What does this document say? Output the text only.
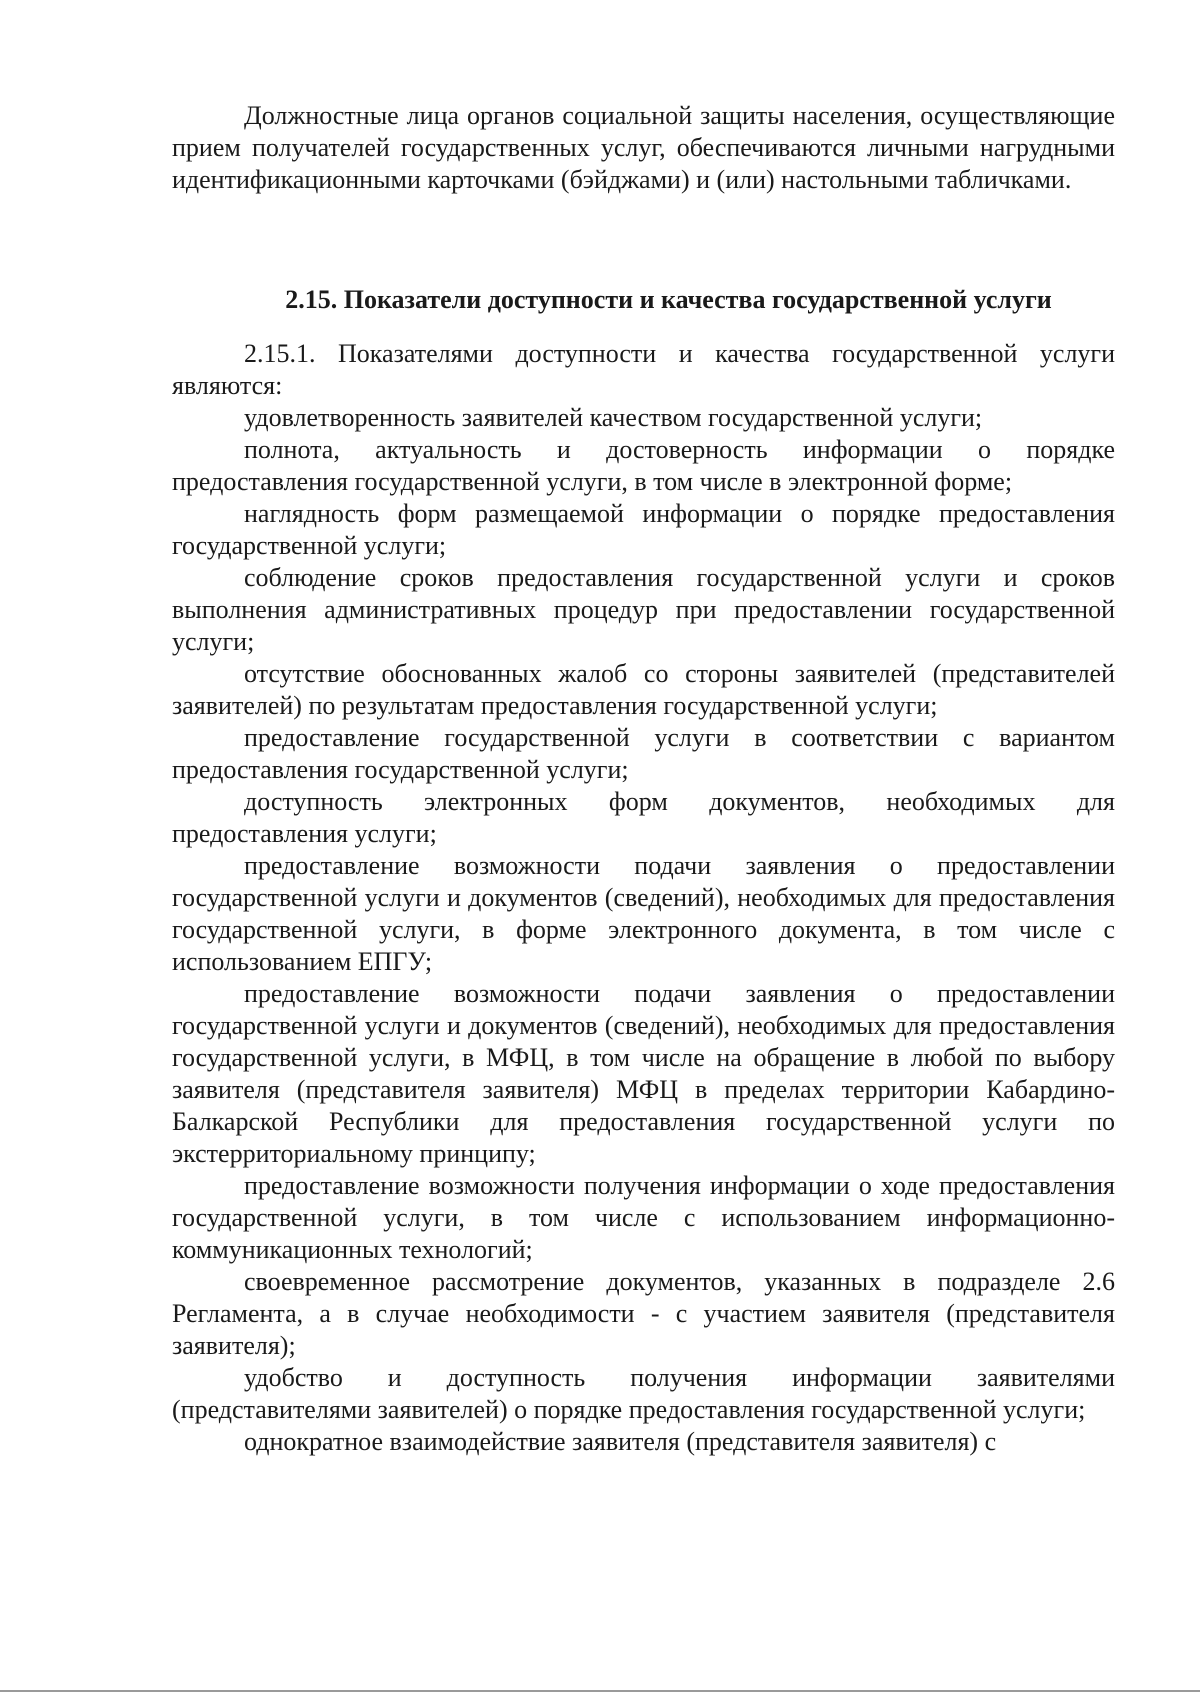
Должностные лица органов социальной защиты населения, осуществляющие прием получателей государственных услуг, обеспечиваются личными нагрудными идентификационными карточками (бэйджами) и (или) настольными табличками.

2.15. Показатели доступности и качества государственной услуги

2.15.1. Показателями доступности и качества государственной услуги являются:

удовлетворенность заявителей качеством государственной услуги;

полнота, актуальность и достоверность информации о порядке предоставления государственной услуги, в том числе в электронной форме;

наглядность форм размещаемой информации о порядке предоставления государственной услуги;

соблюдение сроков предоставления государственной услуги и сроков выполнения административных процедур при предоставлении государственной услуги;

отсутствие обоснованных жалоб со стороны заявителей (представителей заявителей) по результатам предоставления государственной услуги;

предоставление государственной услуги в соответствии с вариантом предоставления государственной услуги;

доступность электронных форм документов, необходимых для предоставления услуги;

предоставление возможности подачи заявления о предоставлении государственной услуги и документов (сведений), необходимых для предоставления государственной услуги, в форме электронного документа, в том числе с использованием ЕПГУ;

предоставление возможности подачи заявления о предоставлении государственной услуги и документов (сведений), необходимых для предоставления государственной услуги, в МФЦ, в том числе на обращение в любой по выбору заявителя (представителя заявителя) МФЦ в пределах территории Кабардино-Балкарской Республики для предоставления государственной услуги по экстерриториальному принципу;

предоставление возможности получения информации о ходе предоставления государственной услуги, в том числе с использованием информационно-коммуникационных технологий;

своевременное рассмотрение документов, указанных в подразделе 2.6 Регламента, а в случае необходимости - с участием заявителя (представителя заявителя);

удобство и доступность получения информации заявителями (представителями заявителей) о порядке предоставления государственной услуги;

однократное взаимодействие заявителя (представителя заявителя) с
